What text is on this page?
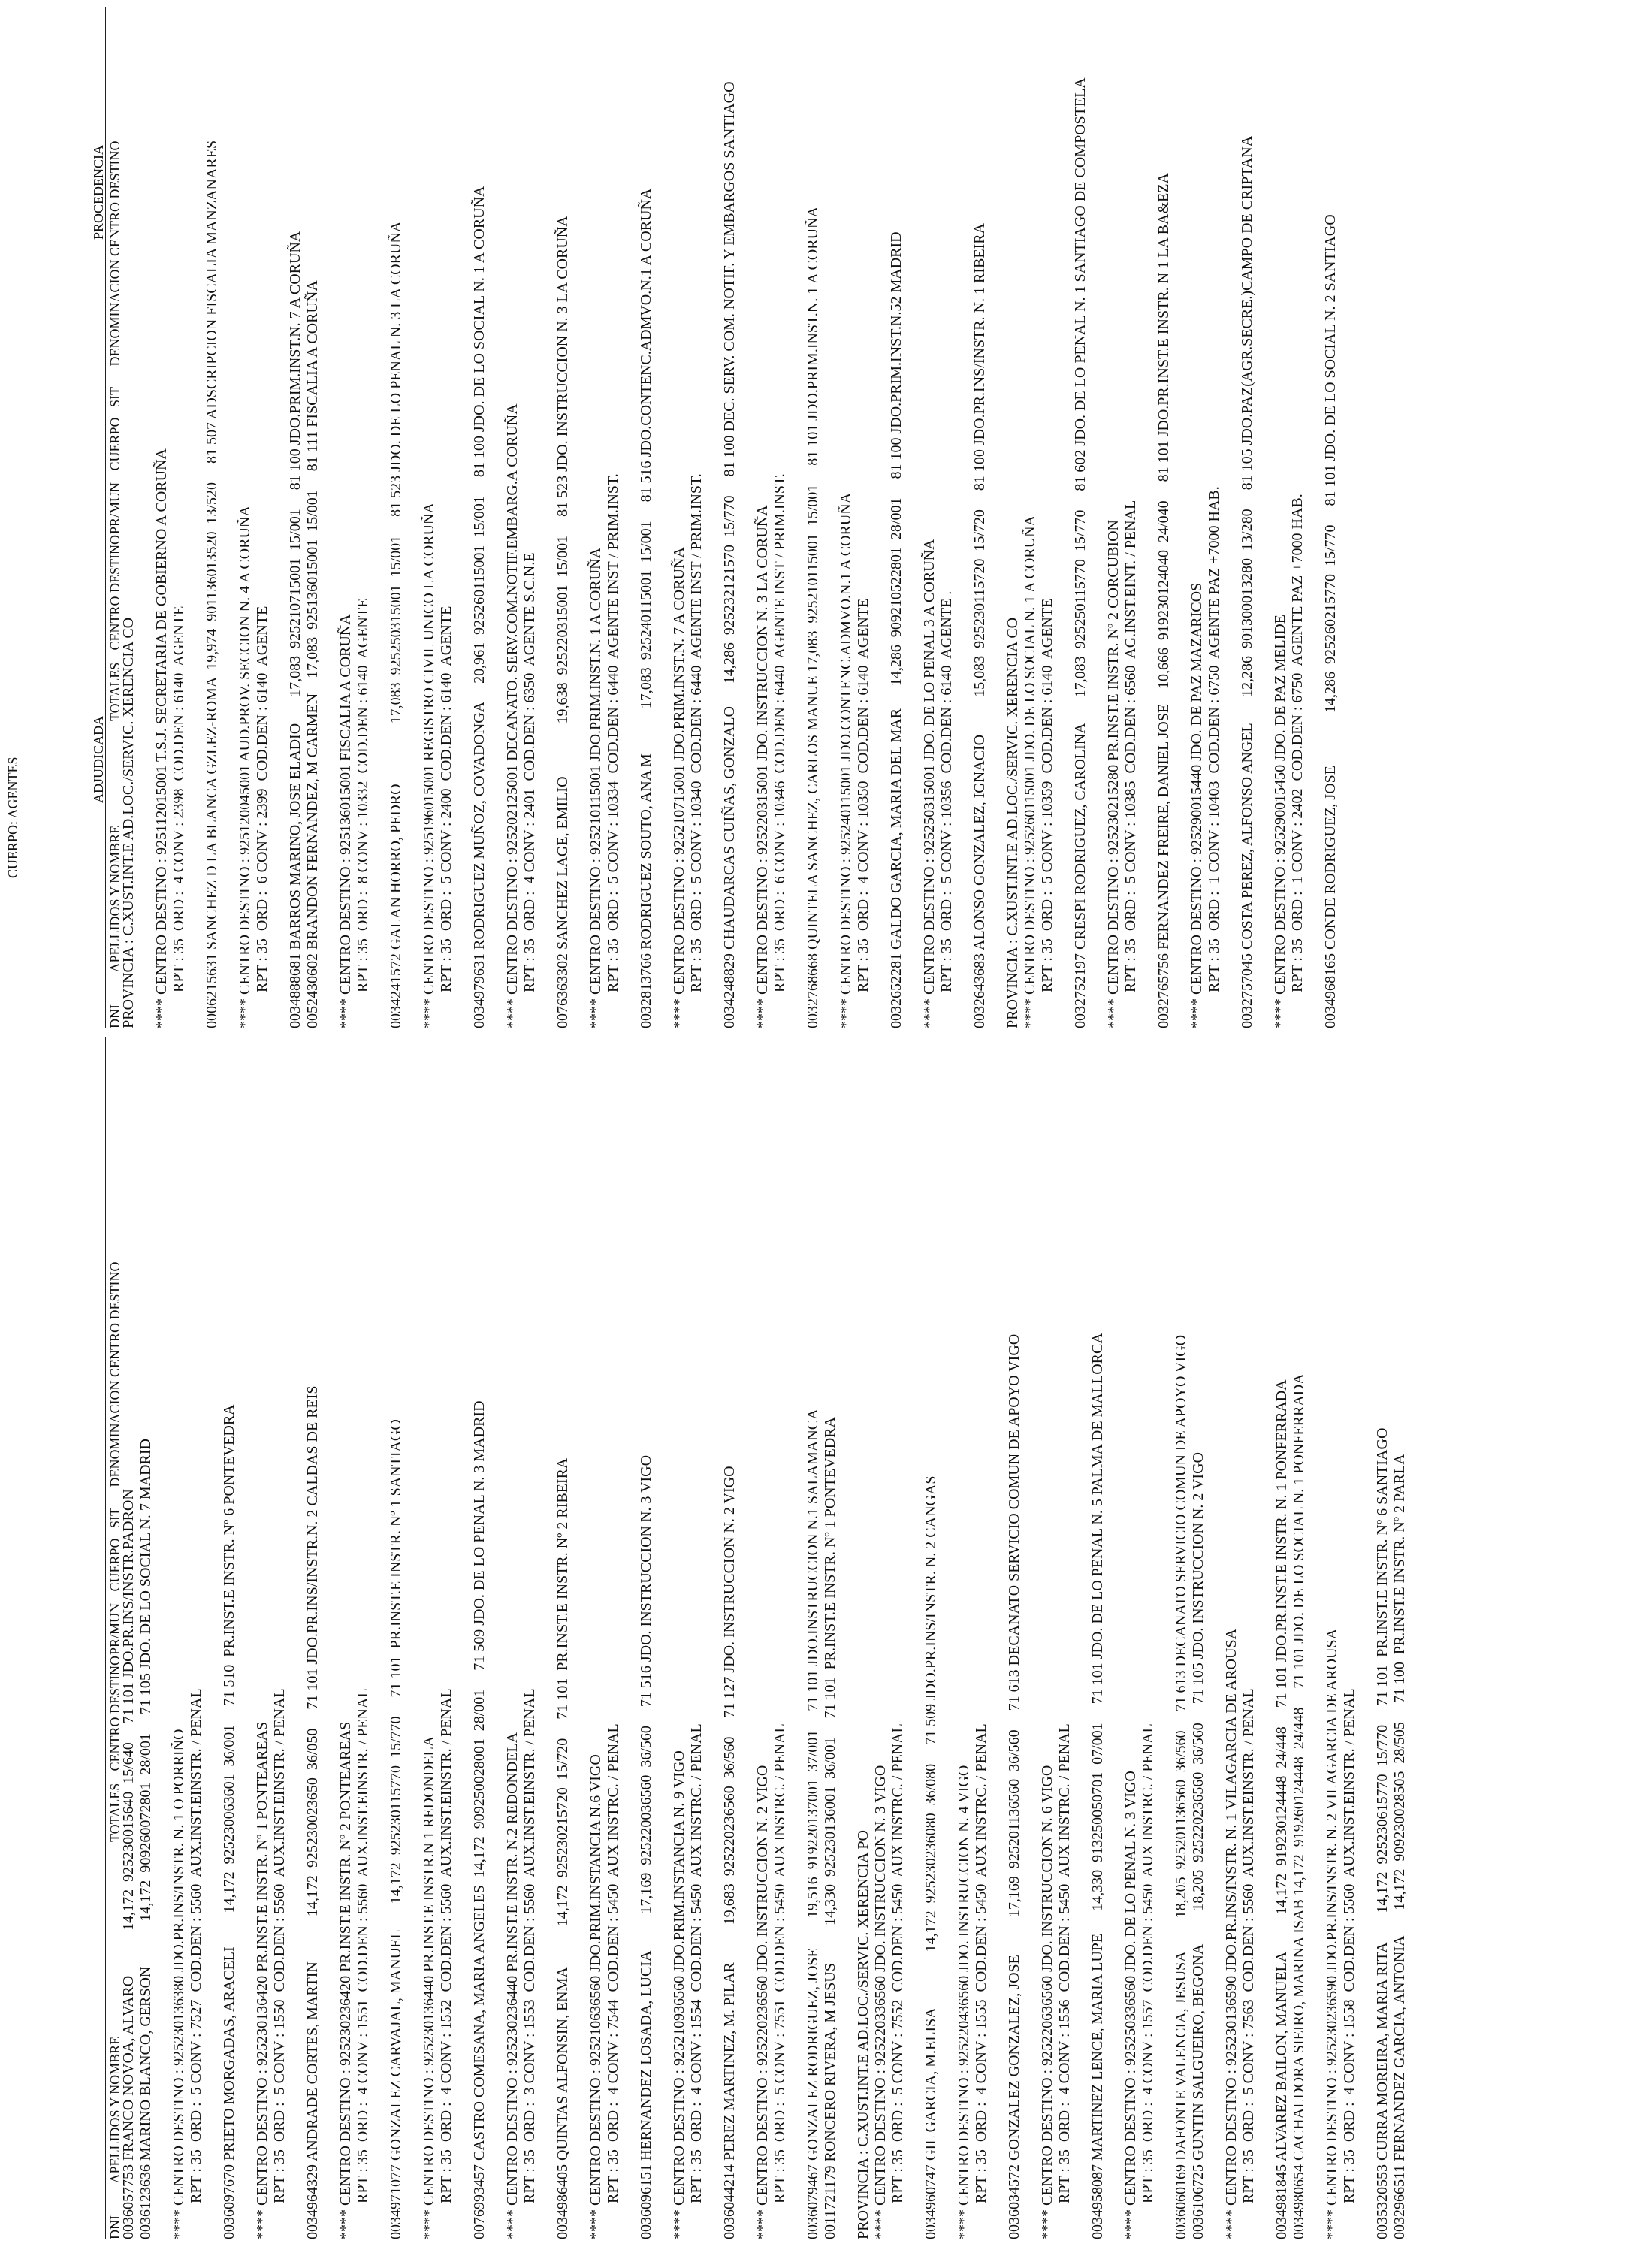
DNI APELLIDOS Y NOMBRE TOTALES CENTRO DESTINO PR/MUN CUERPO SIT DENOMINACION CENTRO DESTINO
0036057753 FRANCO NOVOA, ALVARO            14,172  925230015640  15/640     71 101 JDO.PR.INS/INSTR.PADRON 0036123636 MARINO BLANCO, GERSON            14,172  909260072801  28/001     71 105 JDO. DE LO SOCIAL N. 7 MADRID **** CENTRO DESTINO : 925230136380 JDO.PR.INS/INSTR. N. 1 O PORRIÑO RPT : 35  ORD :  5 CONV : 7527  COD.DEN : 5560  AUX.INST.EINSTR. / PENAL 0036097670 PRIETO MORGADAS, ARACELI         14,172  925230063601  36/001     71 510  PR.INST.E INSTR. Nº 6 PONTEVEDRA **** CENTRO DESTINO : 925230136420 PR.INST.E INSTR. Nº 1 PONTEAREAS RPT : 35  ORD :  5 CONV : 1550  COD.DEN : 5560  AUX.INST.EINSTR. / PENAL 0034964329 ANDRADE CORTES, MARTIN            14,172  925230023650  36/050     71 101 JDO.PR.INS/INSTR.N. 2 CALDAS DE REIS **** CENTRO DESTINO : 925230236420 PR.INST.E INSTR. Nº 2 PONTEAREAS RPT : 35  ORD :  4 CONV : 1551  COD.DEN : 5560  AUX.INST.EINSTR. / PENAL 0034971077 GONZALEZ CARVAJAL, MANUEL       14,172  925230115770  15/770     71 101  PR.INST.E INSTR. Nº 1 SANTIAGO **** CENTRO DESTINO : 925230136440 PR.INST.E INSTR.N 1 REDONDELA RPT : 35  ORD :  4 CONV : 1552  COD.DEN : 5560  AUX.INST.EINSTR. / PENAL 0076993457 CASTRO COMESANA, MARIA ANGELES  14,172  909250028001  28/001     71 509 JDO. DE LO PENAL N. 3 MADRID **** CENTRO DESTINO : 925230236440 PR.INST.E INSTR. N.2 REDONDELA RPT : 35  ORD :  3 CONV : 1553  COD.DEN : 5560  AUX.INST.EINSTR. / PENAL 0034986405 QUINTAS ALFONSIN, ENMA           14,172  925230215720  15/720     71 101  PR.INST.E INSTR. Nº 2 RIBEIRA **** CENTRO DESTINO : 925210636560 JDO.PRIM.INSTANCIA N.6 VIGO RPT : 35  ORD :  4 CONV : 7544  COD.DEN : 5450  AUX INSTRC. / PENAL 0036096151 HERNANDEZ LOSADA, LUCIA          17,169  925220036560  36/560     71 516 JDO. INSTRUCCION N. 3 VIGO **** CENTRO DESTINO : 925210936560 JDO.PRIM.INSTANCIA N. 9 VIGO RPT : 35  ORD :  4 CONV : 1554  COD.DEN : 5450  AUX INSTRC. / PENAL 0036044214 PEREZ MARTINEZ, M. PILAR          19,683  925220236560  36/560     71 127 JDO. INSTRUCCION N. 2 VIGO **** CENTRO DESTINO : 925220236560 JDO. INSTRUCCION N. 2 VIGO RPT : 35  ORD :  5 CONV : 7551  COD.DEN : 5450  AUX INSTRC. / PENAL 0036079467 GONZALEZ RODRIGUEZ, JOSE        19,516  919220137001  37/001     71 101 JDO.INSTRUCCION N.1 SALAMANCA 0011721179 RONCERO RIVERA, M JESUS          14,330  925230136001  36/001     71 101  PR.INST.E INSTR. Nº 1 PONTEVEDRA PROVINCIA : C.XUST.INT.E AD.LOC./SERVIC. XERENCIA PO **** CENTRO DESTINO : 925220336560 JDO. INSTRUCCION N. 3 VIGO RPT : 35  ORD :  5 CONV : 7552  COD.DEN : 5450  AUX INSTRC. / PENAL 0034960747 GIL GARCIA, M.ELISA               14,172  925230236080  36/080     71 509 JDO.PR.INS/INSTR. N. 2 CANGAS **** CENTRO DESTINO : 925220436560 JDO. INSTRUCCION N. 4 VIGO RPT : 35  ORD :  4 CONV : 1555  COD.DEN : 5450  AUX INSTRC. / PENAL 0036034572 GONZALEZ GONZALEZ, JOSE          17,169  925201136560  36/560     71 613 DECANATO SERVICIO COMUN DE APOYO VIGO **** CENTRO DESTINO : 925220636560 JDO. INSTRUCCION N. 6 VIGO RPT : 35  ORD :  4 CONV : 1556  COD.DEN : 5450  AUX INSTRC. / PENAL 0034958087 MARTINEZ LENCE, MARIA LUPE      14,330  913250050701  07/001     71 101 JDO. DE LO PENAL N. 5 PALMA DE MALLORCA **** CENTRO DESTINO : 925250336560 JDO. DE LO PENAL N. 3 VIGO RPT : 35  ORD :  4 CONV : 1557  COD.DEN : 5450  AUX INSTRC. / PENAL 0036060169 DAFONTE VALENCIA, JESUSA         18,205  925201136560  36/560     71 613 DECANATO SERVICIO COMUN DE APOYO VIGO 0036106725 GUNTIN SALGUEIRO, BEGONA         18,205  925220236560  36/560     71 105 JDO. INSTRUCCION N. 2 VIGO **** CENTRO DESTINO : 925230136590 JDO.PR.INS/INSTR. N. 1 VILAGARCIA DE AROUSA RPT : 35  ORD :  5 CONV : 7563  COD.DEN : 5560  AUX.INST.EINSTR. / PENAL 0034981845 ALVAREZ BAILON, MANUELA          14,172  919230124448  24/448     71 101 JDO.PR.INST.E INSTR. N. 1 PONFERRADA 0034980654 CACHALDORA SIEIRO, MARINA ISAB 14,172  919260124448  24/448     71 101 JDO. DE LO SOCIAL N. 1 PONFERRADA **** CENTRO DESTINO : 925230236590 JDO.PR.INS/INSTR. N. 2 VILAGARCIA DE AROUSA RPT : 35  ORD :  4 CONV : 1558  COD.DEN : 5560  AUX.INST.EINSTR. / PENAL 0035320553 CURRA MOREIRA, MARIA RITA        14,172  925230615770  15/770     71 101  PR.INST.E INSTR. Nº 6 SANTIAGO 0032966511 FERNANDEZ GARCIA, ANTONIA       14,172  909230028505  28/505     71 100  PR.INST.E INSTR. Nº 2 PARLA
CUERPO: AGENTES	ADJUDICADA
PROCEDENCIA
DNI APELLIDOS Y NOMBRE TOTALES CENTRO DESTINO PR/MUN CUERPO SIT DENOMINACION CENTRO DESTINO
PROVINCIA : C.XUST.INT.E AD.LOC./SERVIC. XERENCIA CO **** CENTRO DESTINO : 925112015001 T.S.J. SECRETARIA DE GOBIERNO A CORUÑA RPT : 35  ORD :  4 CONV : 2398  COD.DEN : 6140  AGENTE 0006215631 SANCHEZ D LA BLANCA GZLEZ-ROMA  19,974  901136013520  13/520     81 507 ADSCRIPCION FISCALIA MANZANARES **** CENTRO DESTINO : 925120045001 AUD.PROV. SECCION N. 4 A CORUÑA RPT : 35  ORD :  6 CONV : 2399  COD.DEN : 6140  AGENTE 0034888681 BARROS MARINO, JOSE ELADIO       17,083  925210715001  15/001     81 100 JDO.PRIM.INST.N. 7 A CORUÑA 0052430602 BRANDON FERNANDEZ, M CARMEN    17,083  925136015001  15/001     81 111 FISCALIA A CORUÑA **** CENTRO DESTINO : 925136015001 FISCALIA A CORUÑA RPT : 35  ORD :  8 CONV : 10332  COD.DEN : 6140  AGENTE 0034241572 GALAN HORRO, PEDRO                17,083  925250315001  15/001     81 523 JDO. DE LO PENAL N. 3 LA CORUÑA **** CENTRO DESTINO : 925196015001 REGISTRO CIVIL UNICO LA CORUÑA RPT : 35  ORD :  5 CONV : 2400  COD.DEN : 6140  AGENTE 0034979631 RODRIGUEZ MUÑOZ, COVADONGA     20,961  925260115001  15/001     81 100 JDO. DE LO SOCIAL N. 1 A CORUÑA **** CENTRO DESTINO : 925202125001 DECANATO. SERV.COM.NOTIF.EMBARG.A CORUÑA RPT : 35  ORD :  4 CONV : 2401  COD.DEN : 6350  AGENTE S.C.N.E 0076363302 SANCHEZ LAGE, EMILIO              19,638  925220315001  15/001     81 523 JDO. INSTRUCCION N. 3 LA CORUÑA **** CENTRO DESTINO : 925210115001 JDO.PRIM.INST.N. 1 A CORUÑA RPT : 35  ORD :  5 CONV : 10334  COD.DEN : 6440  AGENTE INST / PRIM.INST. 0032813766 RODRIGUEZ SOUTO, ANA M            17,083  925240115001  15/001     81 516 JDO.CONTENC.ADMVO.N.1 A CORUÑA **** CENTRO DESTINO : 925210715001 JDO.PRIM.INST.N. 7 A CORUÑA RPT : 35  ORD :  5 CONV : 10340  COD.DEN : 6440  AGENTE INST / PRIM.INST. 0034248829 CHAUDARCAS CUIÑAS, GONZALO      14,286  925232121570  15/770     81 100 DEC. SERV. COM. NOTIF. Y EMBARGOS SANTIAGO **** CENTRO DESTINO : 925220315001 JDO. INSTRUCCION N. 3 LA CORUÑA RPT : 35  ORD :  6 CONV : 10346  COD.DEN : 6440  AGENTE INST / PRIM.INST. 0032768668 QUINTELA SANCHEZ, CARLOS MANUE 17,083  925210115001  15/001     81 101 JDO.PRIM.INST.N. 1 A CORUÑA **** CENTRO DESTINO : 925240115001 JDO.CONTENC.ADMVO.N.1 A CORUÑA RPT : 35  ORD :  4 CONV : 10350  COD.DEN : 6140  AGENTE 0032652281 GALDO GARCIA, MARIA DEL MAR      14,286  909210522801  28/001     81 100 JDO.PRIM.INST.N.52 MADRID **** CENTRO DESTINO : 925250315001 JDO. DE LO PENAL 3 A CORUÑA RPT : 35  ORD :  5 CONV : 10356  COD.DEN : 6140  AGENTE . 0032643683 ALONSO GONZALEZ, IGNACIO          15,083  925230115720  15/720     81 100 JDO.PR.INS/INSTR. N. 1 RIBEIRA PROVINCIA : C.XUST.INT.E AD.LOC./SERVIC. XERENCIA CO **** CENTRO DESTINO : 925260115001 JDO. DE LO SOCIAL N. 1 A CORUÑA RPT : 35  ORD :  5 CONV : 10359  COD.DEN : 6140  AGENTE 0032752197 CRESPI RODRIGUEZ, CAROLINA       17,083  925250115770  15/770     81 602 JDO. DE LO PENAL N. 1 SANTIAGO DE COMPOSTELA **** CENTRO DESTINO : 925230215280 PR.INST.E INSTR. Nº 2 CORCUBION RPT : 35  ORD :  5 CONV : 10385  COD.DEN : 6560  AG.INST.EINT. / PENAL 0032765756 FERNANDEZ FREIRE, DANIEL JOSE    10,666  919230124040  24/040     81 101 JDO.PR.INST.E INSTR. N 1 LA BA&EZA **** CENTRO DESTINO : 925290015440 JDO. DE PAZ MAZARICOS RPT : 35  ORD :  1 CONV : 10403  COD.DEN : 6750  AGENTE PAZ +7000 HAB. 0032757045 COSTA PEREZ, ALFONSO ANGEL       12,286  901300013280  13/280     81 105 JDO.PAZ(AGR.SECRE.)CAMPO DE CRIPTANA **** CENTRO DESTINO : 925290015450 JDO. DE PAZ MELIDE RPT : 35  ORD :  1 CONV : 2402  COD.DEN : 6750  AGENTE PAZ +7000 HAB. 0034968165 CONDE RODRIGUEZ, JOSE              14,286  925260215770  15/770     81 101 JDO. DE LO SOCIAL N. 2 SANTIAGO
